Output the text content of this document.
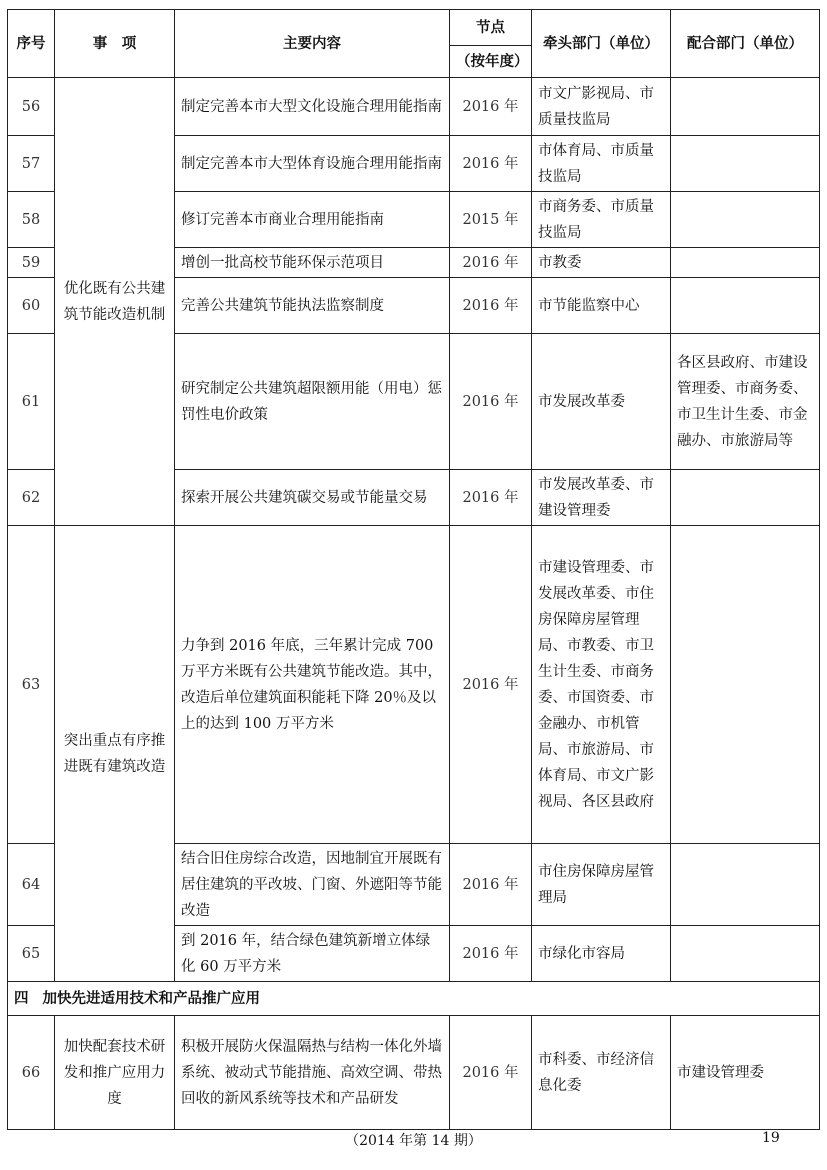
序号	事　项	主要内容	节点	牵头部门（单位）	配合部门（单位）
			（按年度）		
56	优化既有公共建筑节能改造机制	制定完善本市大型文化设施合理用能指南	2016 年	市文广影视局、市质量技监局	
57		制定完善本市大型体育设施合理用能指南	2016 年	市体育局、市质量技监局	
58		修订完善本市商业合理用能指南	2015 年	市商务委、市质量技监局	
59		增创一批高校节能环保示范项目	2016 年	市教委	
60		完善公共建筑节能执法监察制度	2016 年	市节能监察中心	
61		研究制定公共建筑超限额用能（用电）惩罚性电价政策	2016 年	市发展改革委	各区县政府、市建设管理委、市商务委、市卫生计生委、市金融办、市旅游局等
62		探索开展公共建筑碳交易或节能量交易	2016 年	市发展改革委、市建设管理委	
63	突出重点有序推进既有建筑改造	力争到 2016 年底，三年累计完成 700 万平方米既有公共建筑节能改造。其中，改造后单位建筑面积能耗下降 20％及以上的达到 100 万平方米	2016 年	市建设管理委、市发展改革委、市住房保障房屋管理局、市教委、市卫生计生委、市商务委、市国资委、市金融办、市机管局、市旅游局、市体育局、市文广影视局、各区县政府	
64		结合旧住房综合改造，因地制宜开展既有居住建筑的平改坡、门窗、外遮阳等节能改造	2016 年	市住房保障房屋管理局	
65		到 2016 年，结合绿色建筑新增立体绿化 60 万平方米	2016 年	市绿化市容局	
四 加快先进适用技术和产品推广应用					
66	加快配套技术研发和推广应用力度	积极开展防火保温隔热与结构一体化外墙系统、被动式节能措施、高效空调、带热回收的新风系统等技术和产品研发	2016 年	市科委、市经济信息化委	市建设管理委
（2014 年第 14 期）	19
